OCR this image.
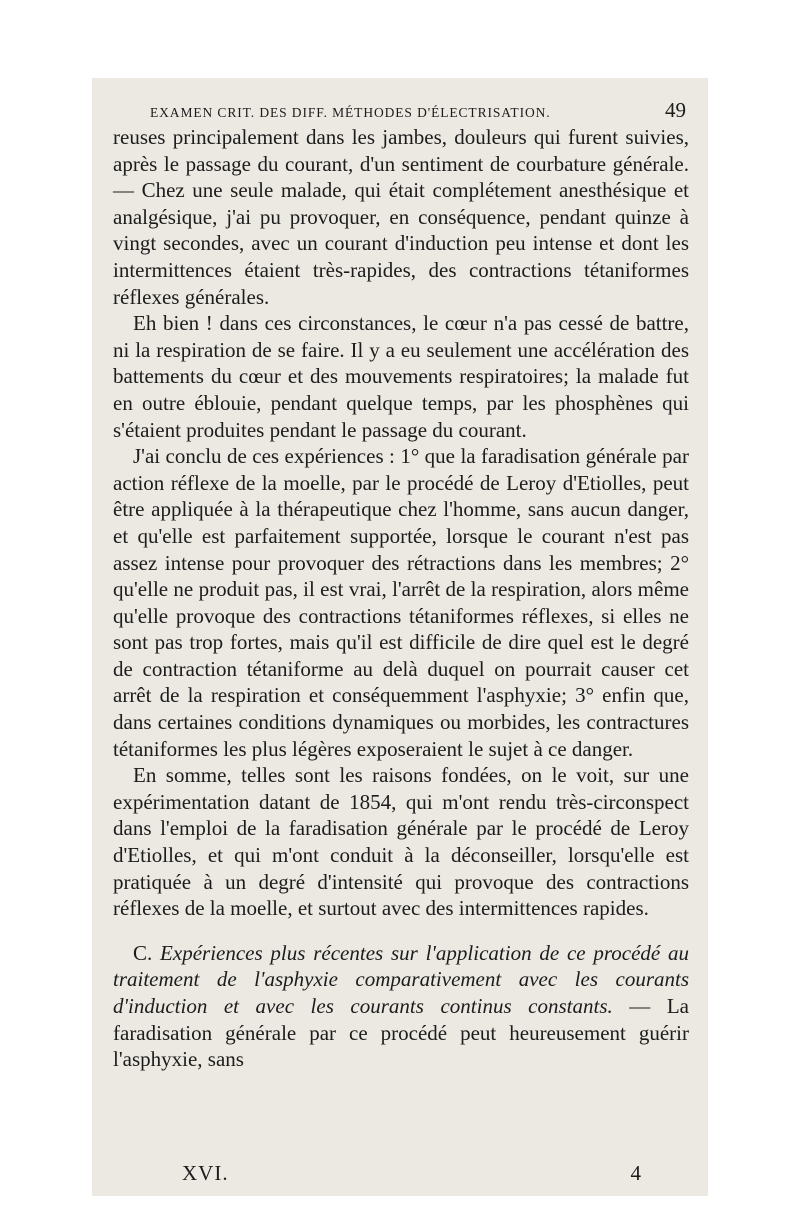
EXAMEN CRIT. DES DIFF. MÉTHODES D'ÉLECTRISATION.	49

reuses principalement dans les jambes, douleurs qui furent suivies, après le passage du courant, d'un sentiment de courbature générale. — Chez une seule malade, qui était complétement anesthésique et analgésique, j'ai pu provoquer, en conséquence, pendant quinze à vingt secondes, avec un courant d'induction peu intense et dont les intermittences étaient très-rapides, des contractions tétaniformes réflexes générales.

Eh bien ! dans ces circonstances, le cœur n'a pas cessé de battre, ni la respiration de se faire. Il y a eu seulement une accélération des battements du cœur et des mouvements respiratoires; la malade fut en outre éblouie, pendant quelque temps, par les phosphènes qui s'étaient produites pendant le passage du courant.

J'ai conclu de ces expériences : 1° que la faradisation générale par action réflexe de la moelle, par le procédé de Leroy d'Etiolles, peut être appliquée à la thérapeutique chez l'homme, sans aucun danger, et qu'elle est parfaitement supportée, lorsque le courant n'est pas assez intense pour provoquer des rétractions dans les membres; 2° qu'elle ne produit pas, il est vrai, l'arrêt de la respiration, alors même qu'elle provoque des contractions tétaniformes réflexes, si elles ne sont pas trop fortes, mais qu'il est difficile de dire quel est le degré de contraction tétaniforme au delà duquel on pourrait causer cet arrêt de la respiration et conséquemment l'asphyxie; 3° enfin que, dans certaines conditions dynamiques ou morbides, les contractures tétaniformes les plus légères exposeraient le sujet à ce danger.

En somme, telles sont les raisons fondées, on le voit, sur une expérimentation datant de 1854, qui m'ont rendu très-circonspect dans l'emploi de la faradisation générale par le procédé de Leroy d'Etiolles, et qui m'ont conduit à la déconseiller, lorsqu'elle est pratiquée à un degré d'intensité qui provoque des contractions réflexes de la moelle, et surtout avec des intermittences rapides.

C. Expériences plus récentes sur l'application de ce procédé au traitement de l'asphyxie comparativement avec les courants d'induction et avec les courants continus constants. — La faradisation générale par ce procédé peut heureusement guérir l'asphyxie, sans

XVI.	4
